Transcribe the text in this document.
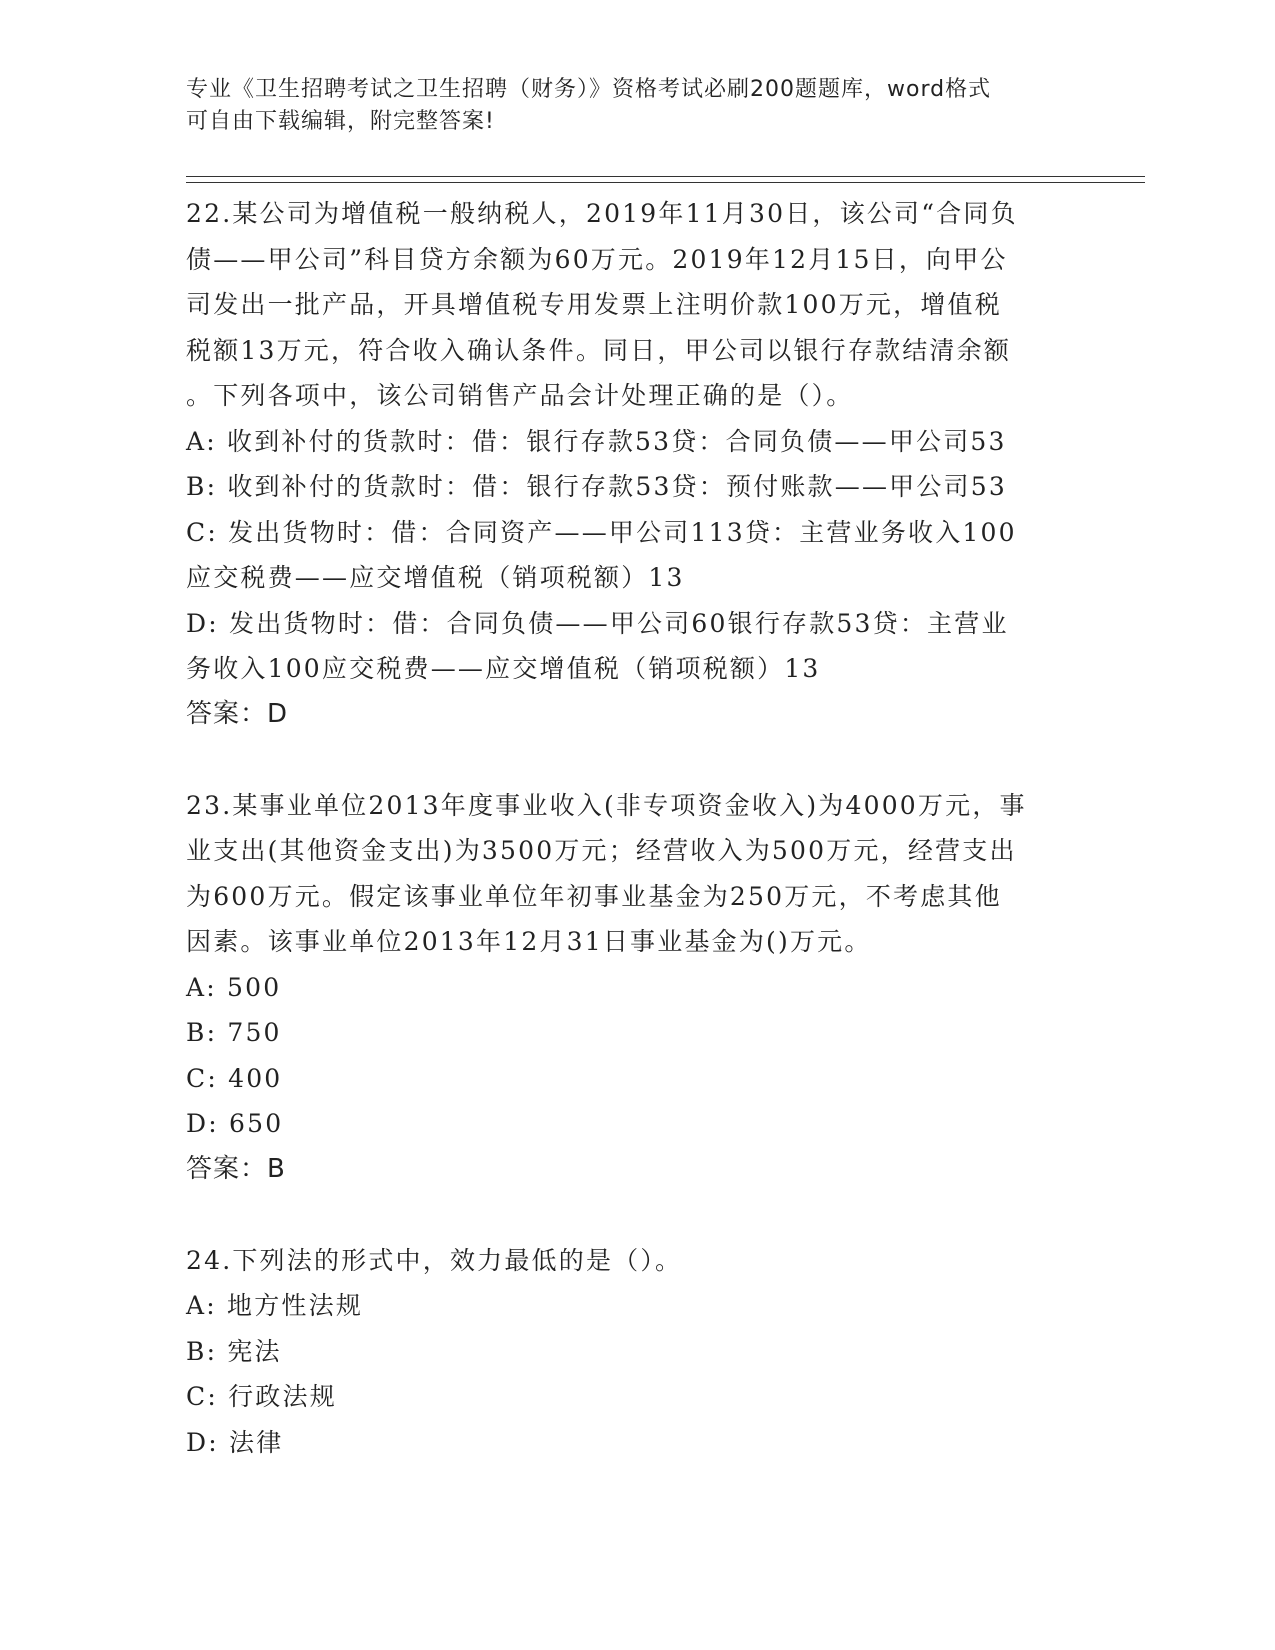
专业《卫生招聘考试之卫生招聘（财务）》资格考试必刷200题题库，word格式
可自由下载编辑，附完整答案!
22.某公司为增值税一般纳税人，2019年11月30日，该公司“合同负
债——甲公司”科目贷方余额为60万元。2019年12月15日，向甲公
司发出一批产品，开具增值税专用发票上注明价款100万元，增值税
税额13万元，符合收入确认条件。同日，甲公司以银行存款结清余额
。下列各项中，该公司销售产品会计处理正确的是（）。
A: 收到补付的货款时：借：银行存款53贷：合同负债——甲公司53
B: 收到补付的货款时：借：银行存款53贷：预付账款——甲公司53
C: 发出货物时：借：合同资产——甲公司113贷：主营业务收入100
应交税费——应交增值税（销项税额）13
D: 发出货物时：借：合同负债——甲公司60银行存款53贷：主营业
务收入100应交税费——应交增值税（销项税额）13
答案：D
23.某事业单位2013年度事业收入(非专项资金收入)为4000万元，事
业支出(其他资金支出)为3500万元；经营收入为500万元，经营支出
为600万元。假定该事业单位年初事业基金为250万元，不考虑其他
因素。该事业单位2013年12月31日事业基金为()万元。
A: 500
B: 750
C: 400
D: 650
答案：B
24.下列法的形式中，效力最低的是（）。
A: 地方性法规
B: 宪法
C: 行政法规
D: 法律
